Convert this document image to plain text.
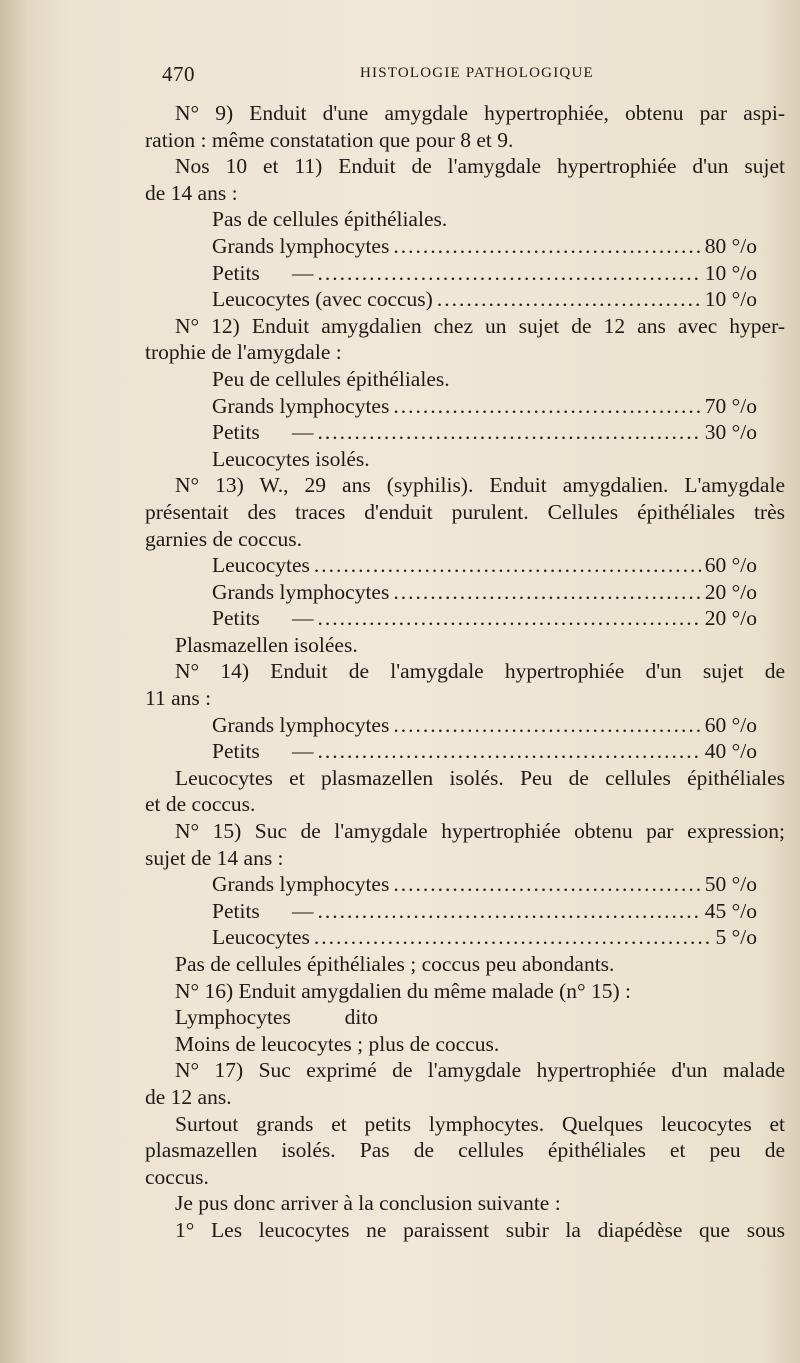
470	HISTOLOGIE PATHOLOGIQUE
N° 9) Enduit d'une amygdale hypertrophiée, obtenu par aspi-
ration : même constatation que pour 8 et 9.
Nos 10 et 11) Enduit de l'amygdale hypertrophiée d'un sujet
de 14 ans :
Pas de cellules épithéliales.
Grands lymphocytes .....	80 °/o
Petits      — .....	10 °/o
Leucocytes (avec coccus) .....	10 °/o
N° 12) Enduit amygdalien chez un sujet de 12 ans avec hyper-
trophie de l'amygdale :
Peu de cellules épithéliales.
Grands lymphocytes .....	70 °/o
Petits      — .....	30 °/o
Leucocytes isolés.
N° 13) W., 29 ans (syphilis). Enduit amygdalien. L'amygdale
présentait des traces d'enduit purulent. Cellules épithéliales très
garnies de coccus.
Leucocytes .....	60 °/o
Grands lymphocytes .....	20 °/o
Petits      — .....	20 °/o
Plasmazellen isolées.
N° 14) Enduit de l'amygdale hypertrophiée d'un sujet de
11 ans :
Grands lymphocytes .....	60 °/o
Petits      — .....	40 °/o
Leucocytes et plasmazellen isolés. Peu de cellules épithéliales
et de coccus.
N° 15) Suc de l'amygdale hypertrophiée obtenu par expression;
sujet de 14 ans :
Grands lymphocytes .....	50 °/o
Petits      — .....	45 °/o
Leucocytes .....	5 °/o
Pas de cellules épithéliales ; coccus peu abondants.
N° 16) Enduit amygdalien du même malade (n° 15) :
Lymphocytes          dito
Moins de leucocytes ; plus de coccus.
N° 17) Suc exprimé de l'amygdale hypertrophiée d'un malade
de 12 ans.
Surtout grands et petits lymphocytes. Quelques leucocytes et
plasmazellen isolés. Pas de cellules épithéliales et peu de
coccus.
Je pus donc arriver à la conclusion suivante :
1° Les leucocytes ne paraissent subir la diapédèse que sous
